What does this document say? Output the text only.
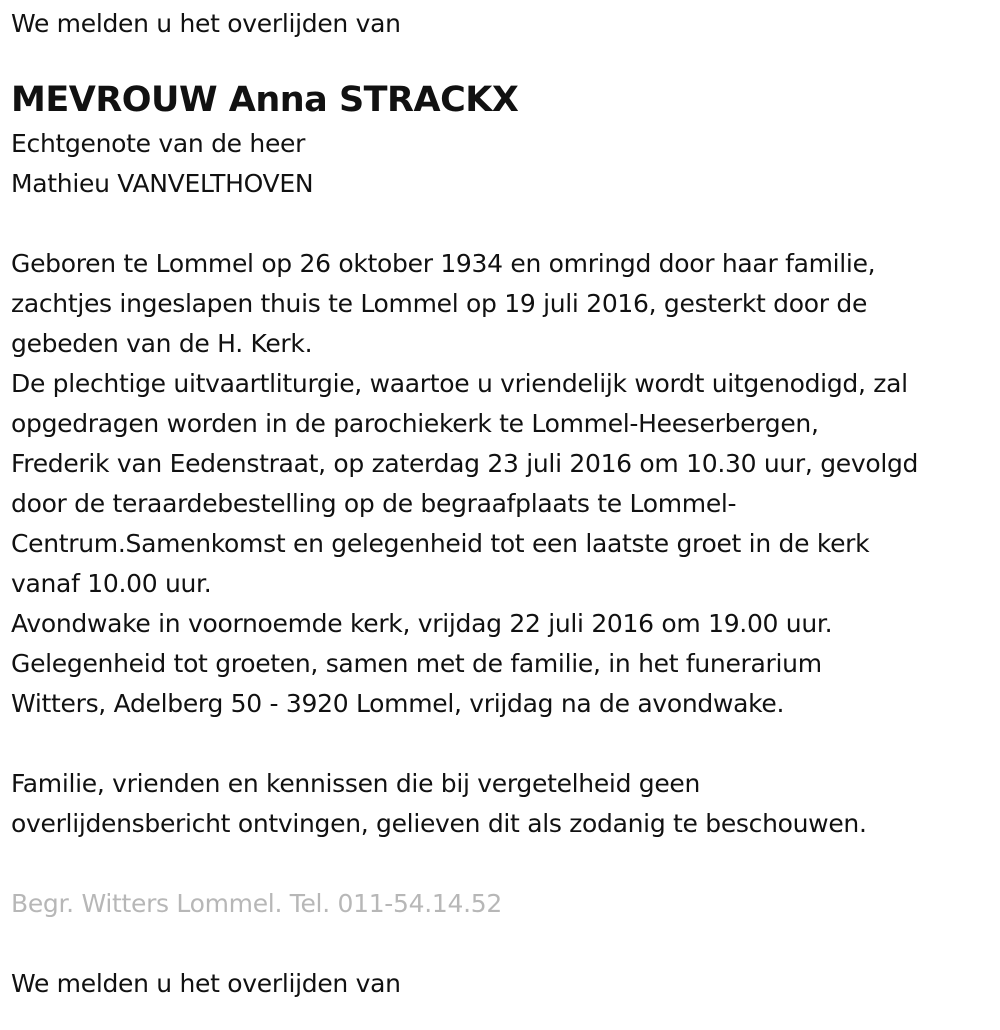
We melden u het overlijden van
MEVROUW Anna STRACKX
Echtgenote van de heer
Mathieu VANVELTHOVEN
Geboren te Lommel op 26 oktober 1934 en omringd door haar familie,
zachtjes ingeslapen thuis te Lommel op 19 juli 2016, gesterkt door de
gebeden van de H. Kerk.
De plechtige uitvaartliturgie, waartoe u vriendelijk wordt uitgenodigd, zal
opgedragen worden in de parochiekerk te Lommel-Heeserbergen,
Frederik van Eedenstraat, op zaterdag 23 juli 2016 om 10.30 uur, gevolgd
door de teraardebestelling op de begraafplaats te Lommel-
Centrum.Samenkomst en gelegenheid tot een laatste groet in de kerk
vanaf 10.00 uur.
Avondwake in voornoemde kerk, vrijdag 22 juli 2016 om 19.00 uur.
Gelegenheid tot groeten, samen met de familie, in het funerarium
Witters, Adelberg 50 - 3920 Lommel, vrijdag na de avondwake.
Familie, vrienden en kennissen die bij vergetelheid geen
overlijdensbericht ontvingen, gelieven dit als zodanig te beschouwen.
Begr. Witters Lommel. Tel. 011-54.14.52
We melden u het overlijden van
